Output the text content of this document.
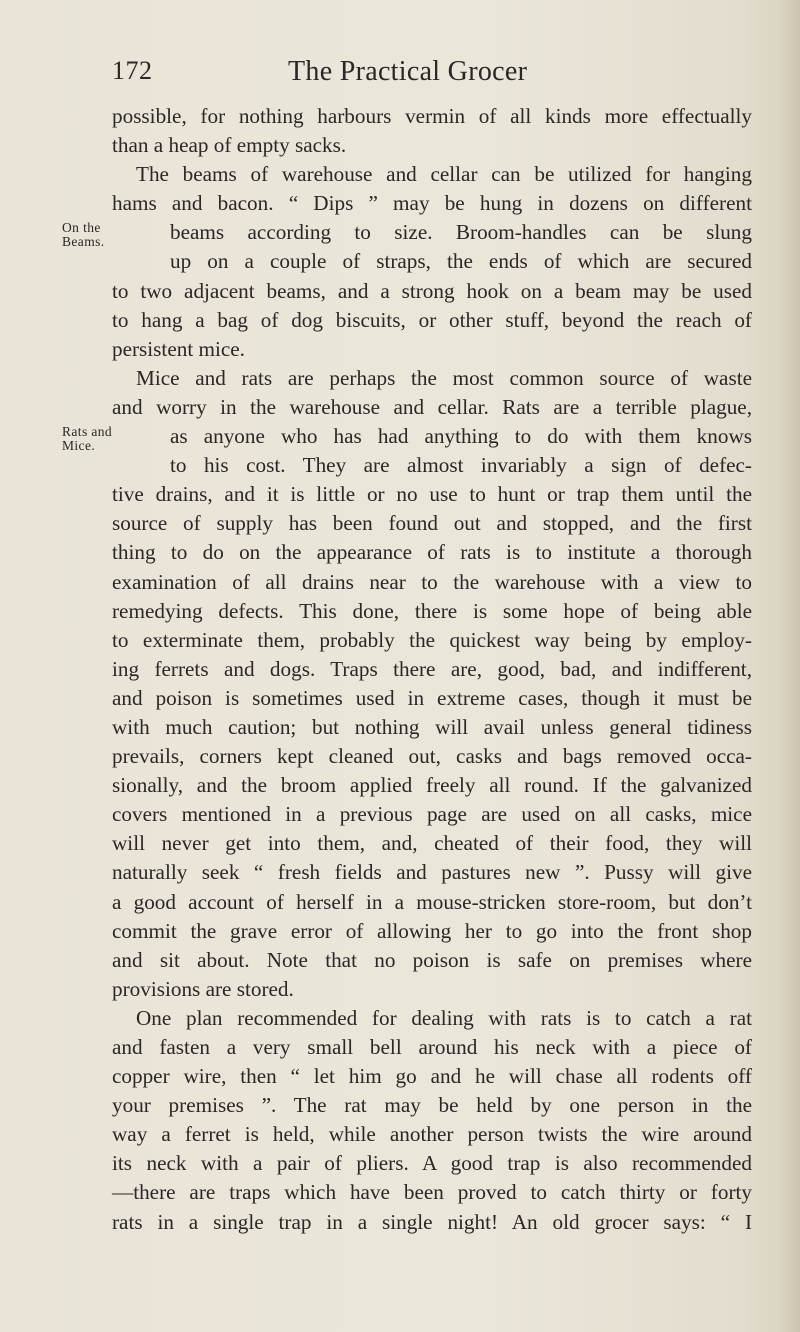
172	The Practical Grocer
possible, for nothing harbours vermin of all kinds more effectually
than a heap of empty sacks.
The beams of warehouse and cellar can be utilized for hanging
hams and bacon. “ Dips ” may be hung in dozens on different
On the Beams.	beams according to size. Broom-handles can be slung
up on a couple of straps, the ends of which are secured
to two adjacent beams, and a strong hook on a beam may be used
to hang a bag of dog biscuits, or other stuff, beyond the reach of
persistent mice.
Mice and rats are perhaps the most common source of waste
and worry in the warehouse and cellar. Rats are a terrible plague,
Rats and Mice.	as anyone who has had anything to do with them knows
to his cost. They are almost invariably a sign of defec-
tive drains, and it is little or no use to hunt or trap them until the
source of supply has been found out and stopped, and the first
thing to do on the appearance of rats is to institute a thorough
examination of all drains near to the warehouse with a view to
remedying defects. This done, there is some hope of being able
to exterminate them, probably the quickest way being by employ-
ing ferrets and dogs. Traps there are, good, bad, and indifferent,
and poison is sometimes used in extreme cases, though it must be
with much caution; but nothing will avail unless general tidiness
prevails, corners kept cleaned out, casks and bags removed occa-
sionally, and the broom applied freely all round. If the galvanized
covers mentioned in a previous page are used on all casks, mice
will never get into them, and, cheated of their food, they will
naturally seek “ fresh fields and pastures new ”. Pussy will give
a good account of herself in a mouse-stricken store-room, but don’t
commit the grave error of allowing her to go into the front shop
and sit about. Note that no poison is safe on premises where
provisions are stored.
One plan recommended for dealing with rats is to catch a rat
and fasten a very small bell around his neck with a piece of
copper wire, then “ let him go and he will chase all rodents off
your premises ”. The rat may be held by one person in the
way a ferret is held, while another person twists the wire around
its neck with a pair of pliers. A good trap is also recommended
—there are traps which have been proved to catch thirty or forty
rats in a single trap in a single night! An old grocer says: “ I
